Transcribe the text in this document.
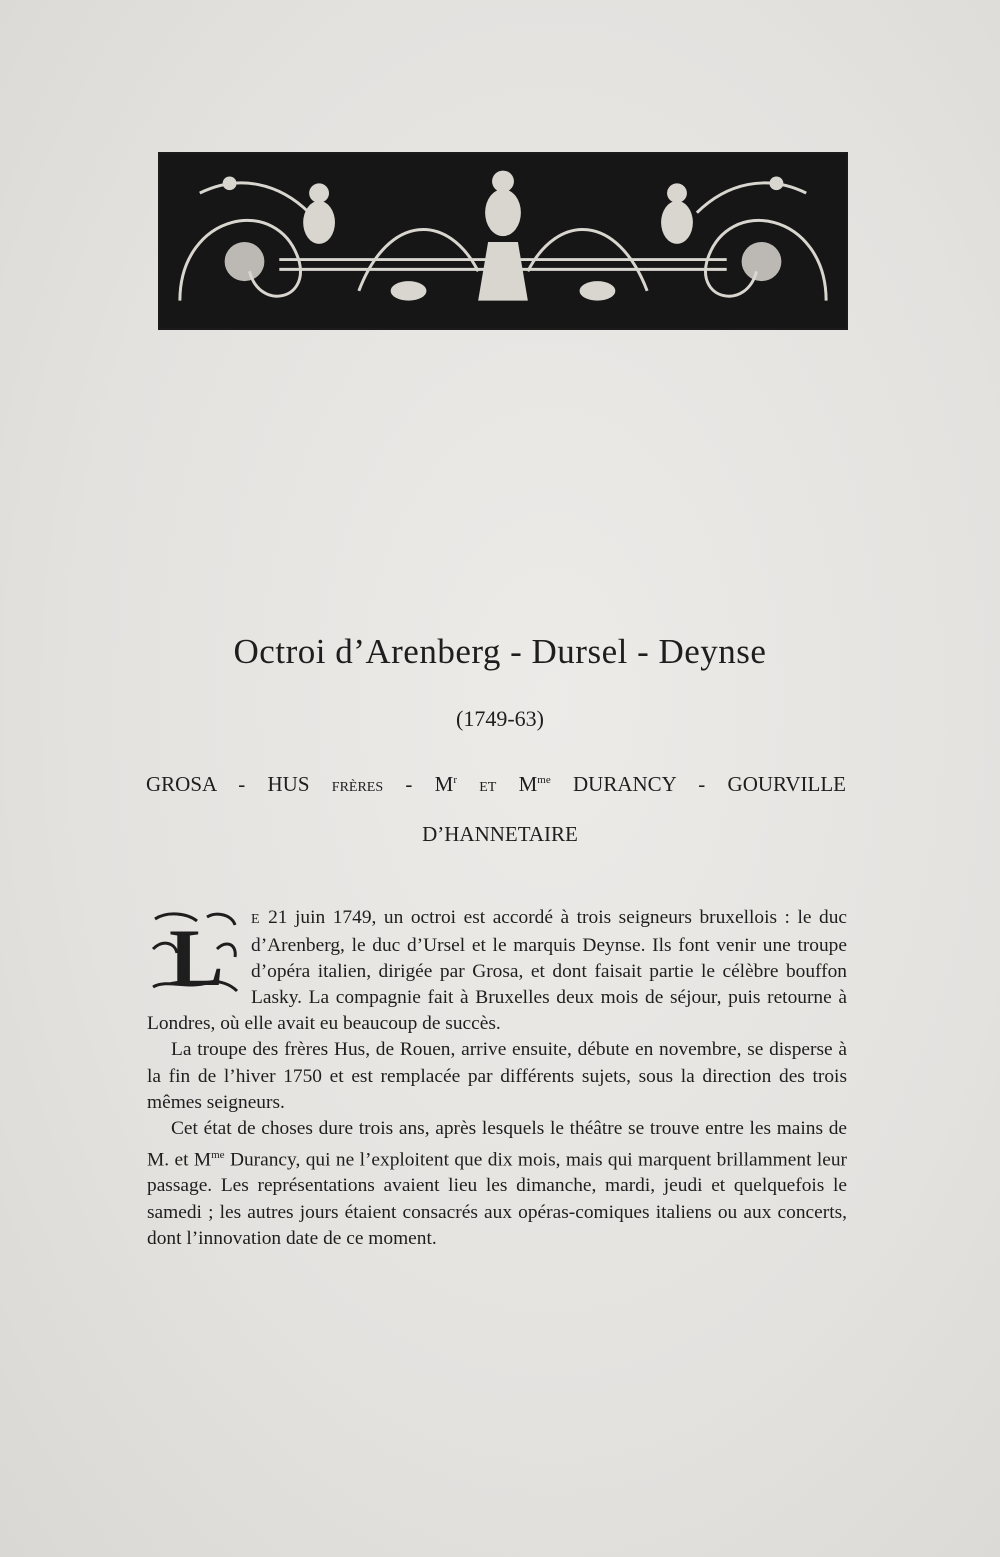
Octroi d’Arenberg - Dursel - Deynse
(1749-63)
GROSA - HUS FRÈRES - $M^r$ ET $M^{me}$ DURANCY - GOURVILLE
D’HANNETAIRE
L	E 21 juin 1749, un octroi est accordé à trois seigneurs bruxellois : le duc d’Arenberg, le duc d’Ursel et le marquis Deynse. Ils font venir une troupe d’opéra italien, dirigée par Grosa, et dont faisait partie le célèbre bouffon Lasky. La compagnie fait à Bruxelles deux mois de séjour, puis retourne à Londres, où elle avait eu beaucoup de succès.

La troupe des frères Hus, de Rouen, arrive ensuite, débute en novembre, se disperse à la fin de l’hiver 1750 et est remplacée par différents sujets, sous la direction des trois mêmes seigneurs.

Cet état de choses dure trois ans, après lesquels le théâtre se trouve entre les mains de M. et $M^{me}$ Durancy, qui ne l’exploitent que dix mois, mais qui marquent brillamment leur passage. Les représentations avaient lieu les dimanche, mardi, jeudi et quelquefois le samedi ; les autres jours étaient consacrés aux opéras-comiques italiens ou aux concerts, dont l’innovation date de ce moment.
